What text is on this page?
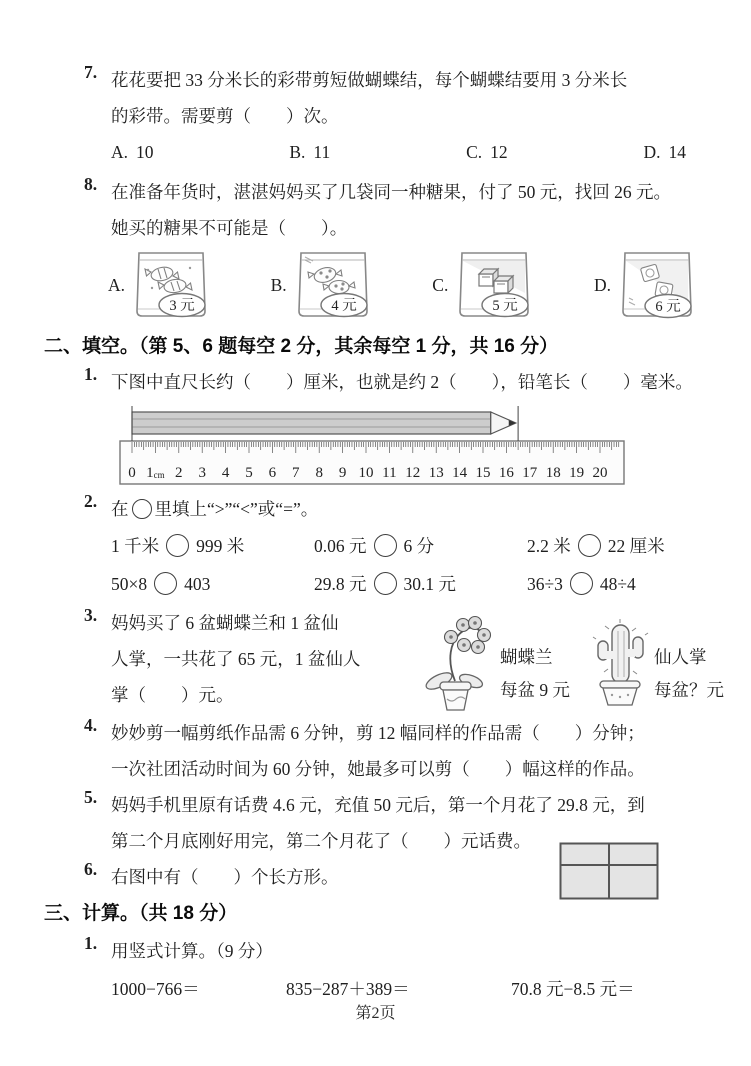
7. 花花要把 33 分米长的彩带剪短做蝴蝶结，每个蝴蝶结要用 3 分米长
的彩带。需要剪（　　）次。
A. 10	B. 11	C. 12	D. 14
8. 在准备年货时，湛湛妈妈买了几袋同一种糖果，付了 50 元，找回 26 元。
她买的糖果不可能是（　　）。
A.
3 元
B.
4 元
C.
5 元
D.
6 元
二、填空。（第 5、6 题每空 2 分，其余每空 1 分，共 16 分）
1. 下图中直尺长约（　　）厘米，也就是约 2（　　），铅笔长（　　）毫米。
0 1cm 2 3 4 5 6 7 8 9 10 11 12 13 14 15 16 17 18 19 20
2. 在 里填上“>”“<”或“=”。
1 千米 999 米	0.06 元 6 分	2.2 米 22 厘米
50×8 403	29.8 元 30.1 元	36÷3 48÷4
3. 妈妈买了 6 盆蝴蝶兰和 1 盆仙
人掌，一共花了 65 元，1 盆仙人
掌（　　）元。
蝴蝶兰
每盆 9 元
仙人掌
每盆？元
4. 妙妙剪一幅剪纸作品需 6 分钟，剪 12 幅同样的作品需（　　）分钟；
一次社团活动时间为 60 分钟，她最多可以剪（　　）幅这样的作品。
5. 妈妈手机里原有话费 4.6 元，充值 50 元后，第一个月花了 29.8 元，到
第二个月底刚好用完，第二个月花了（　　）元话费。
6. 右图中有（　　）个长方形。
三、计算。（共 18 分）
1. 用竖式计算。（9 分）
1000−766＝	835−287＋389＝	70.8 元−8.5 元＝
第2页
